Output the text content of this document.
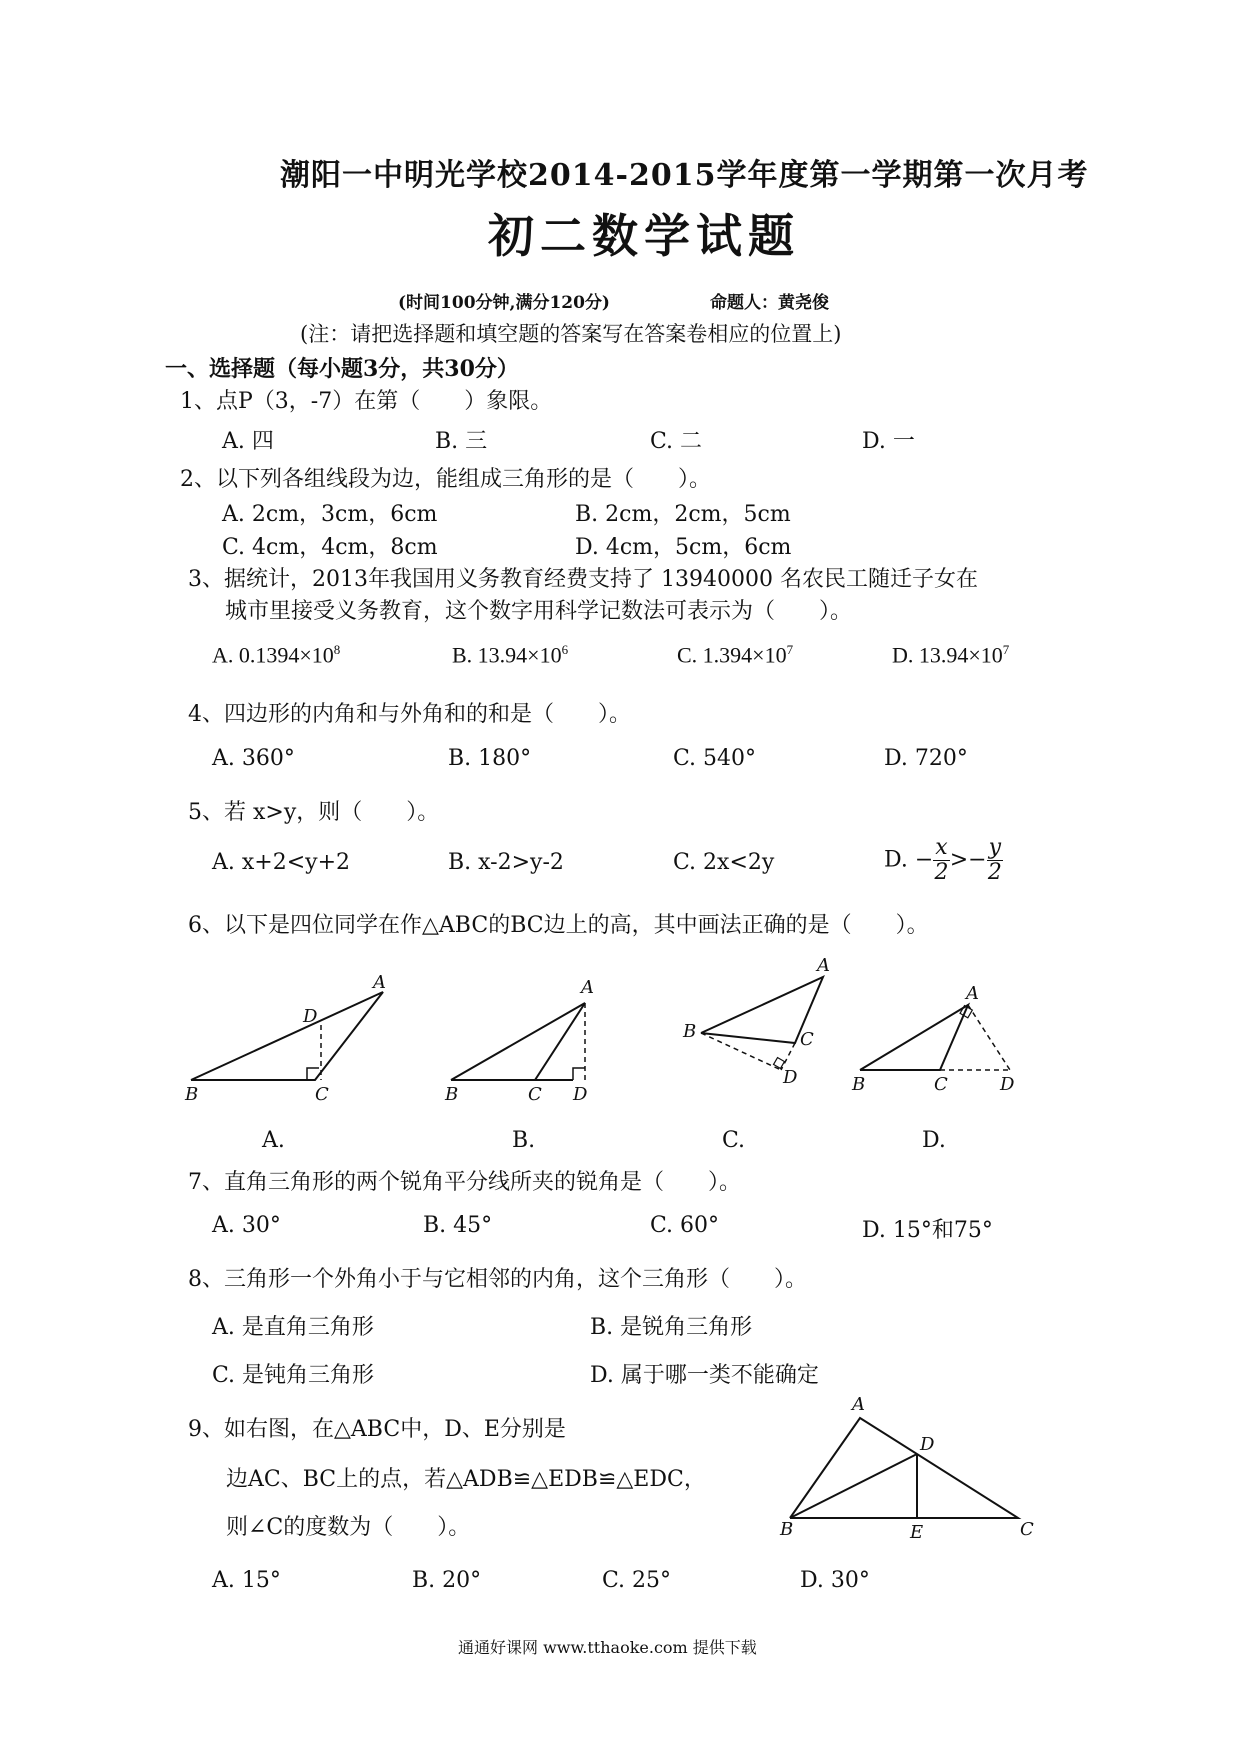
潮阳一中明光学校2014-2015学年度第一学期第一次月考
初二数学试题
(时间100分钟,满分120分)	命题人：黄尧俊
(注：请把选择题和填空题的答案写在答案卷相应的位置上)
一、选择题（每小题3分，共30分）
1、点P（3，-7）在第（　　）象限。
A. 四	B. 三	C. 二	D. 一
2、以下列各组线段为边，能组成三角形的是（　　）。
A. 2cm，3cm，6cm	B. 2cm，2cm，5cm
C. 4cm，4cm，8cm	D. 4cm，5cm，6cm
3、据统计，2013年我国用义务教育经费支持了 13940000 名农民工随迁子女在
城市里接受义务教育，这个数字用科学记数法可表示为（　　）。
A. $0.1394\times 10^8$	B. $13.94\times 10^6$	C. $1.394\times 10^7$	D. $13.94\times 10^7$
4、四边形的内角和与外角和的和是（　　）。
A. 360°	B. 180°	C. 540°	D. 720°
5、若 x>y，则（　　）。
A. x+2<y+2	B. x-2>y-2	C. 2x<2y	D. − $\frac{x}{2} >- \frac{y}{2}$
6、以下是四位同学在作△ABC的BC边上的高，其中画法正确的是（　　）。
A
B	C
D
A.
A
B	C D
B.
A
B	C
D
C.
A
B	C	D
D.
7、直角三角形的两个锐角平分线所夹的锐角是（　　）。
A. 30°	B. 45°	C. 60°	D. 15°和75°
8、三角形一个外角小于与它相邻的内角，这个三角形（　　）。
A. 是直角三角形	B. 是锐角三角形
C. 是钝角三角形	D. 属于哪一类不能确定
9、如右图，在△ABC中，D、E分别是
边AC、BC上的点，若△ADB≌△EDB≌△EDC，
则∠C的度数为（　　）。
A
B	C
D
E
A. 15°	B. 20°	C. 25°	D. 30°
通通好课网 www.tthaoke.com 提供下载
